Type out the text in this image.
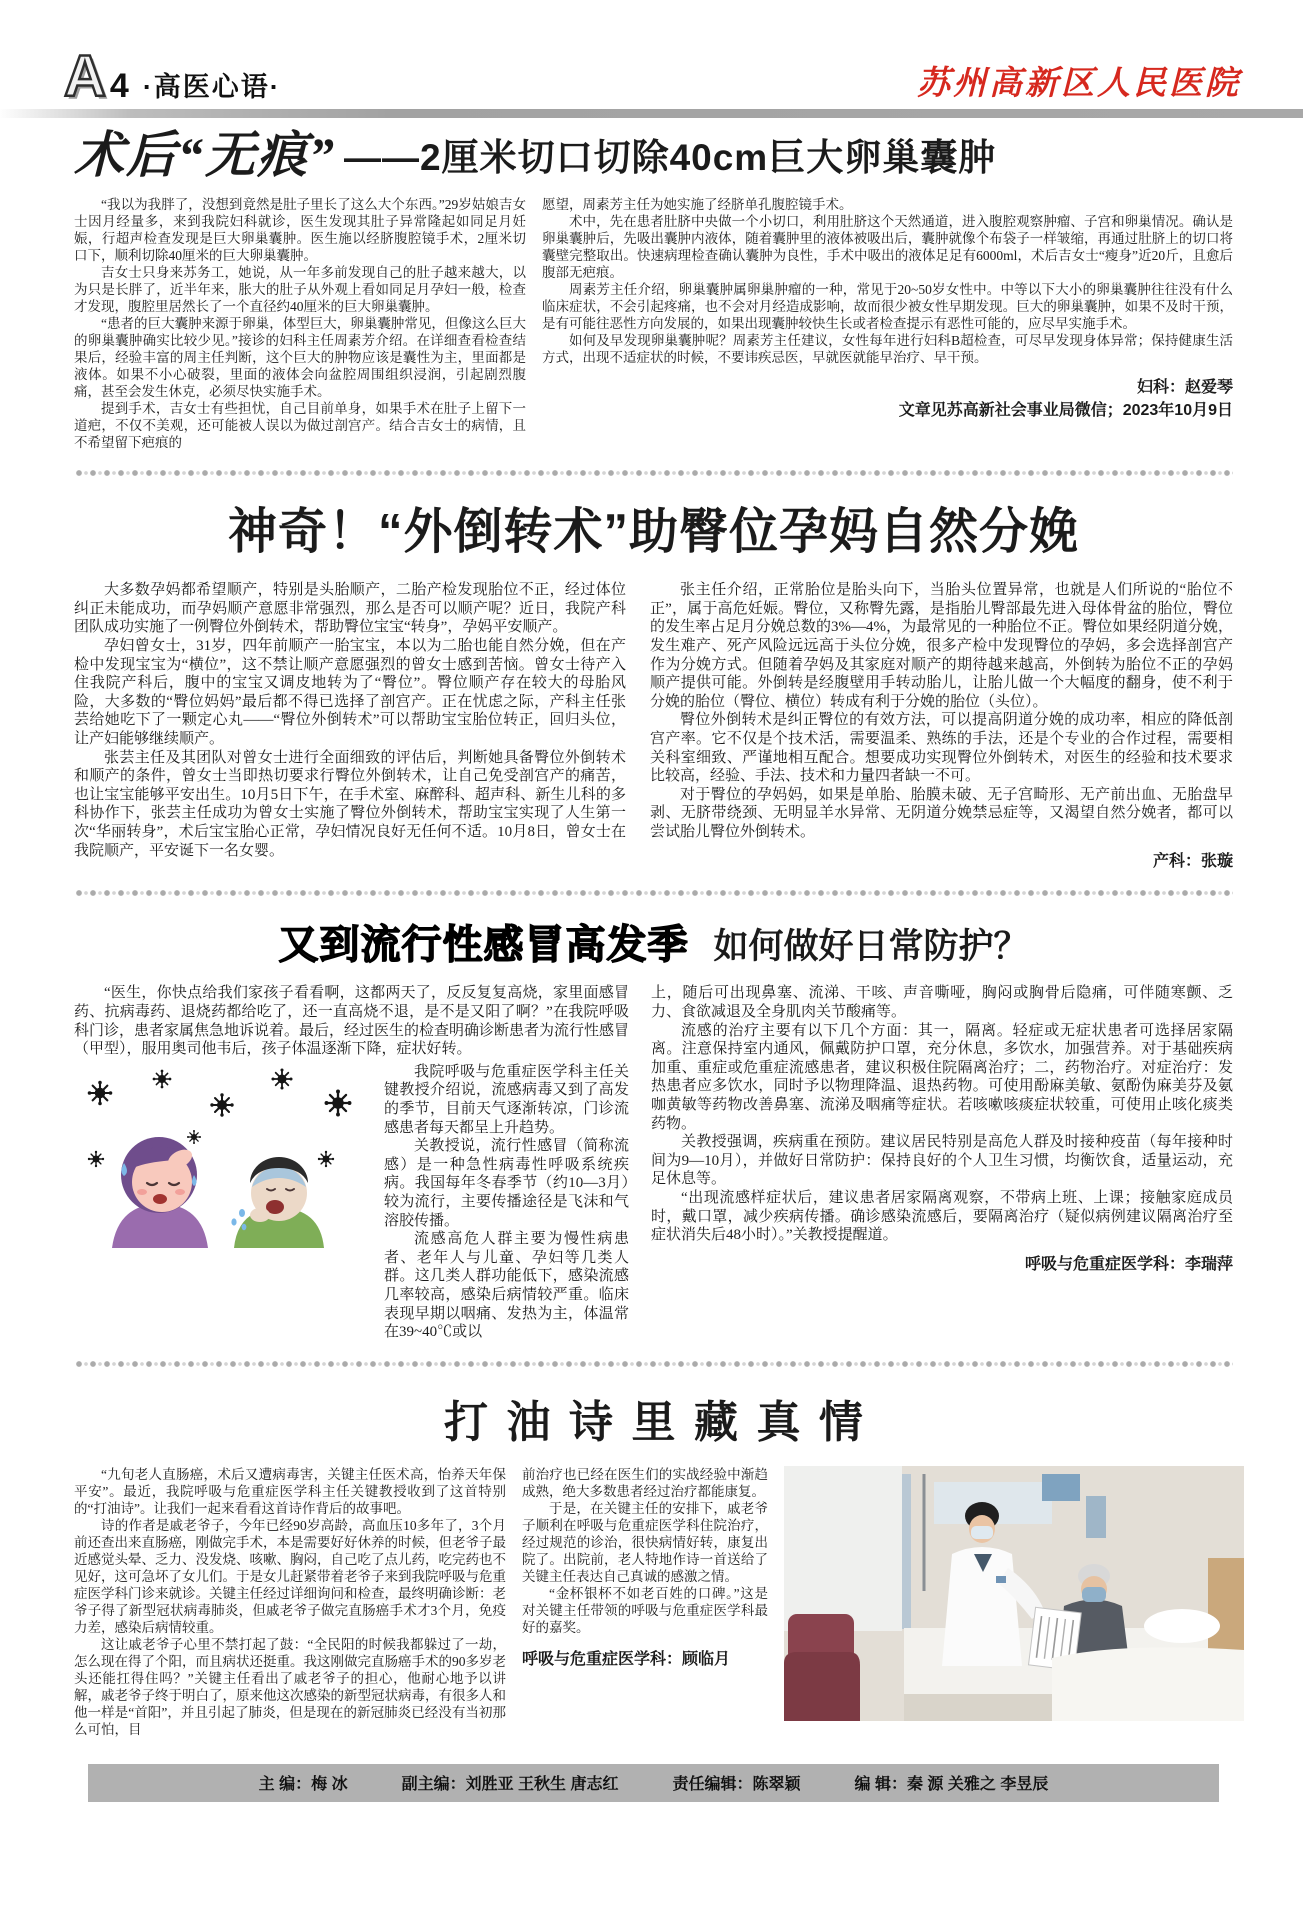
A 4 ·高医心语·	苏州高新区人民医院
术后“无痕” ——2厘米切口切除40cm巨大卵巢囊肿

“我以为我胖了，没想到竟然是肚子里长了这么大个东西。”29岁姑娘吉女士因月经量多，来到我院妇科就诊，医生发现其肚子异常隆起如同足月妊娠，行超声检查发现是巨大卵巢囊肿。医生施以经脐腹腔镜手术，2厘米切口下，顺利切除40厘米的巨大卵巢囊肿。

吉女士只身来苏务工，她说，从一年多前发现自己的肚子越来越大，以为只是长胖了，近半年来，胀大的肚子从外观上看如同足月孕妇一般，检查才发现，腹腔里居然长了一个直径约40厘米的巨大卵巢囊肿。

“患者的巨大囊肿来源于卵巢，体型巨大，卵巢囊肿常见，但像这么巨大的卵巢囊肿确实比较少见。”接诊的妇科主任周素芳介绍。在详细查看检查结果后，经验丰富的周主任判断，这个巨大的肿物应该是囊性为主，里面都是液体。如果不小心破裂，里面的液体会向盆腔周围组织浸润，引起剧烈腹痛，甚至会发生休克，必须尽快实施手术。

提到手术，吉女士有些担忧，自己目前单身，如果手术在肚子上留下一道疤，不仅不美观，还可能被人误以为做过剖宫产。结合吉女士的病情，且不希望留下疤痕的

愿望，周素芳主任为她实施了经脐单孔腹腔镜手术。

术中，先在患者肚脐中央做一个小切口，利用肚脐这个天然通道，进入腹腔观察肿瘤、子宫和卵巢情况。确认是卵巢囊肿后，先吸出囊肿内液体，随着囊肿里的液体被吸出后，囊肿就像个布袋子一样皱缩，再通过肚脐上的切口将囊壁完整取出。快速病理检查确认囊肿为良性，手术中吸出的液体足足有6000ml，术后吉女士“瘦身”近20斤，且愈后腹部无疤痕。

周素芳主任介绍，卵巢囊肿属卵巢肿瘤的一种，常见于20~50岁女性中。中等以下大小的卵巢囊肿往往没有什么临床症状，不会引起疼痛，也不会对月经造成影响，故而很少被女性早期发现。巨大的卵巢囊肿，如果不及时干预，是有可能往恶性方向发展的，如果出现囊肿较快生长或者检查提示有恶性可能的，应尽早实施手术。

如何及早发现卵巢囊肿呢？周素芳主任建议，女性每年进行妇科B超检查，可尽早发现身体异常；保持健康生活方式，出现不适症状的时候，不要讳疾忌医，早就医就能早治疗、早干预。

妇科：赵爱琴
文章见苏高新社会事业局微信；2023年10月9日
神奇！“外倒转术”助臀位孕妈自然分娩

大多数孕妈都希望顺产，特别是头胎顺产，二胎产检发现胎位不正，经过体位纠正未能成功，而孕妈顺产意愿非常强烈，那么是否可以顺产呢？近日，我院产科团队成功实施了一例臀位外倒转术，帮助臀位宝宝“转身”，孕妈平安顺产。

孕妇曾女士，31岁，四年前顺产一胎宝宝，本以为二胎也能自然分娩，但在产检中发现宝宝为“横位”，这不禁让顺产意愿强烈的曾女士感到苦恼。曾女士待产入住我院产科后，腹中的宝宝又调皮地转为了“臀位”。臀位顺产存在较大的母胎风险，大多数的“臀位妈妈”最后都不得已选择了剖宫产。正在忧虑之际，产科主任张芸给她吃下了一颗定心丸——“臀位外倒转术”可以帮助宝宝胎位转正，回归头位，让产妇能够继续顺产。

张芸主任及其团队对曾女士进行全面细致的评估后，判断她具备臀位外倒转术和顺产的条件，曾女士当即热切要求行臀位外倒转术，让自己免受剖宫产的痛苦，也让宝宝能够平安出生。10月5日下午，在手术室、麻醉科、超声科、新生儿科的多科协作下，张芸主任成功为曾女士实施了臀位外倒转术，帮助宝宝实现了人生第一次“华丽转身”，术后宝宝胎心正常，孕妇情况良好无任何不适。10月8日，曾女士在我院顺产，平安诞下一名女婴。

张主任介绍，正常胎位是胎头向下，当胎头位置异常，也就是人们所说的“胎位不正”，属于高危妊娠。臀位，又称臀先露，是指胎儿臀部最先进入母体骨盆的胎位，臀位的发生率占足月分娩总数的3%—4%，为最常见的一种胎位不正。臀位如果经阴道分娩，发生难产、死产风险远远高于头位分娩，很多产检中发现臀位的孕妈，多会选择剖宫产作为分娩方式。但随着孕妈及其家庭对顺产的期待越来越高，外倒转为胎位不正的孕妈顺产提供可能。外倒转是经腹壁用手转动胎儿，让胎儿做一个大幅度的翻身，使不利于分娩的胎位（臀位、横位）转成有利于分娩的胎位（头位）。

臀位外倒转术是纠正臀位的有效方法，可以提高阴道分娩的成功率，相应的降低剖宫产率。它不仅是个技术活，需要温柔、熟练的手法，还是个专业的合作过程，需要相关科室细致、严谨地相互配合。想要成功实现臀位外倒转术，对医生的经验和技术要求比较高，经验、手法、技术和力量四者缺一不可。

对于臀位的孕妈妈，如果是单胎、胎膜未破、无子宫畸形、无产前出血、无胎盘早剥、无脐带绕颈、无明显羊水异常、无阴道分娩禁忌症等，又渴望自然分娩者，都可以尝试胎儿臀位外倒转术。

产科：张璇
又到流行性感冒高发季 如何做好日常防护？

“医生，你快点给我们家孩子看看啊，这都两天了，反反复复高烧，家里面感冒药、抗病毒药、退烧药都给吃了，还一直高烧不退，是不是又阳了啊？”在我院呼吸科门诊，患者家属焦急地诉说着。最后，经过医生的检查明确诊断患者为流行性感冒（甲型），服用奥司他韦后，孩子体温逐渐下降，症状好转。

我院呼吸与危重症医学科主任关键教授介绍说，流感病毒又到了高发的季节，目前天气逐渐转凉，门诊流感患者每天都呈上升趋势。

关教授说，流行性感冒（简称流感）是一种急性病毒性呼吸系统疾病。我国每年冬春季节（约10—3月）较为流行，主要传播途径是飞沫和气溶胶传播。

流感高危人群主要为慢性病患者、老年人与儿童、孕妇等几类人群。这几类人群功能低下，感染流感几率较高，感染后病情较严重。临床表现早期以咽痛、发热为主，体温常在39~40℃或以

上，随后可出现鼻塞、流涕、干咳、声音嘶哑，胸闷或胸骨后隐痛，可伴随寒颤、乏力、食欲减退及全身肌肉关节酸痛等。

流感的治疗主要有以下几个方面：其一，隔离。轻症或无症状患者可选择居家隔离。注意保持室内通风，佩戴防护口罩，充分休息，多饮水，加强营养。对于基础疾病加重、重症或危重症流感患者，建议积极住院隔离治疗；二，药物治疗。对症治疗：发热患者应多饮水，同时予以物理降温、退热药物。可使用酚麻美敏、氨酚伪麻美芬及氨咖黄敏等药物改善鼻塞、流涕及咽痛等症状。若咳嗽咳痰症状较重，可使用止咳化痰类药物。

关教授强调，疾病重在预防。建议居民特别是高危人群及时接种疫苗（每年接种时间为9—10月），并做好日常防护：保持良好的个人卫生习惯，均衡饮食，适量运动，充足休息等。

“出现流感样症状后，建议患者居家隔离观察，不带病上班、上课；接触家庭成员时，戴口罩，减少疾病传播。确诊感染流感后，要隔离治疗（疑似病例建议隔离治疗至症状消失后48小时）。”关教授提醒道。

呼吸与危重症医学科：李瑞萍
打油诗里藏真情

“九旬老人直肠癌，术后又遭病毒害，关键主任医术高，怡养天年保平安”。最近，我院呼吸与危重症医学科主任关键教授收到了这首特别的“打油诗”。让我们一起来看看这首诗作背后的故事吧。

诗的作者是戚老爷子，今年已经90岁高龄，高血压10多年了，3个月前还查出来直肠癌，刚做完手术，本是需要好好休养的时候，但老爷子最近感觉头晕、乏力、没发烧、咳嗽、胸闷，自己吃了点儿药，吃完药也不见好，这可急坏了女儿们。于是女儿赶紧带着老爷子来到我院呼吸与危重症医学科门诊来就诊。关键主任经过详细询问和检查，最终明确诊断：老爷子得了新型冠状病毒肺炎，但戚老爷子做完直肠癌手术才3个月，免疫力差，感染后病情较重。

这让戚老爷子心里不禁打起了鼓：“全民阳的时候我都躲过了一劫，怎么现在得了个阳，而且病状还挺重。我这刚做完直肠癌手术的90多岁老头还能扛得住吗？”关键主任看出了戚老爷子的担心，他耐心地予以讲解，戚老爷子终于明白了，原来他这次感染的新型冠状病毒，有很多人和他一样是“首阳”，并且引起了肺炎，但是现在的新冠肺炎已经没有当初那么可怕，目

前治疗也已经在医生们的实战经验中渐趋成熟，绝大多数患者经过治疗都能康复。

于是，在关键主任的安排下，戚老爷子顺利在呼吸与危重症医学科住院治疗，经过规范的诊治，很快病情好转，康复出院了。出院前，老人特地作诗一首送给了关键主任表达自己真诚的感激之情。

“金杯银杯不如老百姓的口碑。”这是对关键主任带领的呼吸与危重症医学科最好的嘉奖。

呼吸与危重症医学科：顾临月
主 编：梅 冰	副主编：刘胜亚 王秋生 唐志红	责任编辑：陈翠颖	编 辑：秦 源 关雅之 李昱辰
